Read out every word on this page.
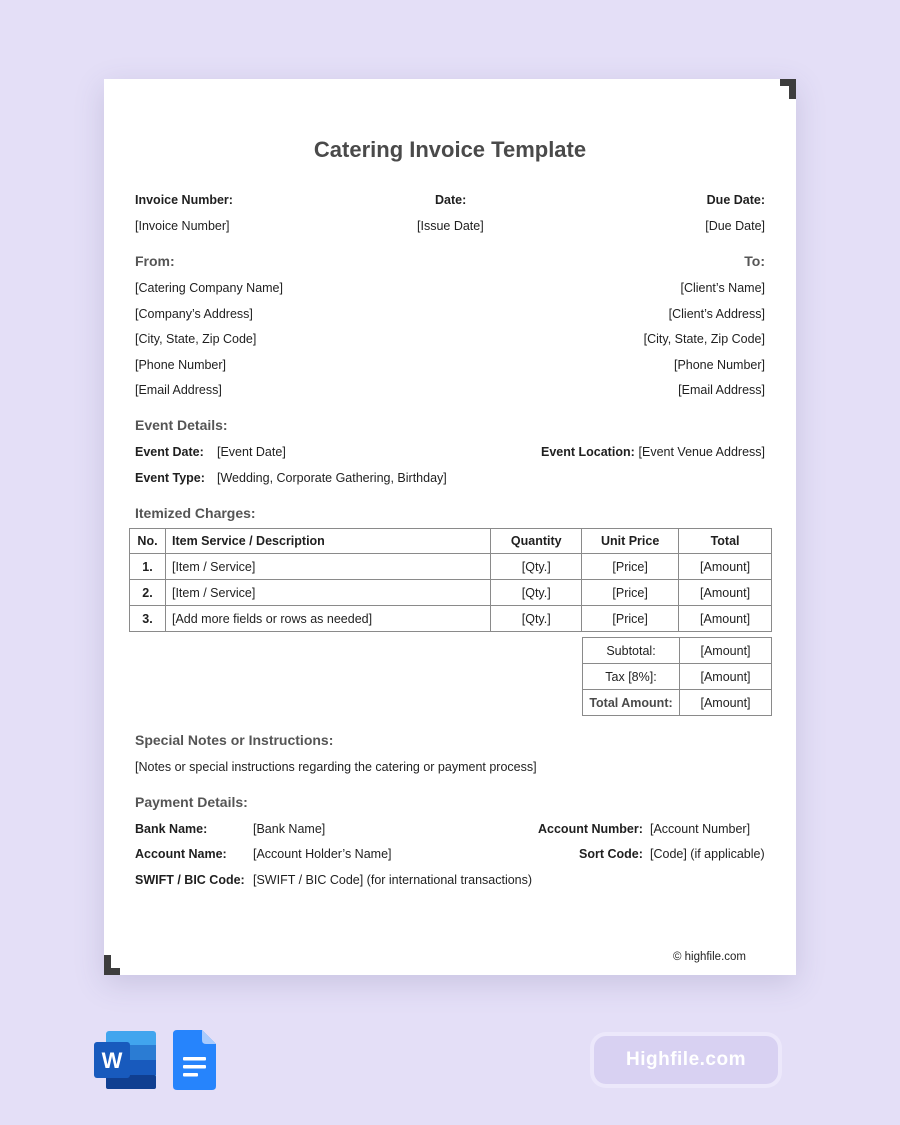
Catering Invoice Template
Invoice Number:
[Invoice Number]
Date:
[Issue Date]
Due Date:
[Due Date]
From:
[Catering Company Name]
[Company’s Address]
[City, State, Zip Code]
[Phone Number]
[Email Address]
To:
[Client’s Name]
[Client’s Address]
[City, State, Zip Code]
[Phone Number]
[Email Address]
Event Details:
Event Date: [Event Date]	Event Location: [Event Venue Address]
Event Type: [Wedding, Corporate Gathering, Birthday]
Itemized Charges:
No.	Item Service / Description	Quantity	Unit Price	Total
1.	[Item / Service]	[Qty.]	[Price]	[Amount]
2.	[Item / Service]	[Qty.]	[Price]	[Amount]
3.	[Add more fields or rows as needed]	[Qty.]	[Price]	[Amount]
Subtotal:	[Amount]
Tax [8%]:	[Amount]
Total Amount:	[Amount]
Special Notes or Instructions:
[Notes or special instructions regarding the catering or payment process]
Payment Details:
Bank Name:	[Bank Name]	Account Number: [Account Number]
Account Name: [Account Holder’s Name]	Sort Code: [Code] (if applicable)
SWIFT / BIC Code: [SWIFT / BIC Code] (for international transactions)
© highfile.com
W	Highfile.com
